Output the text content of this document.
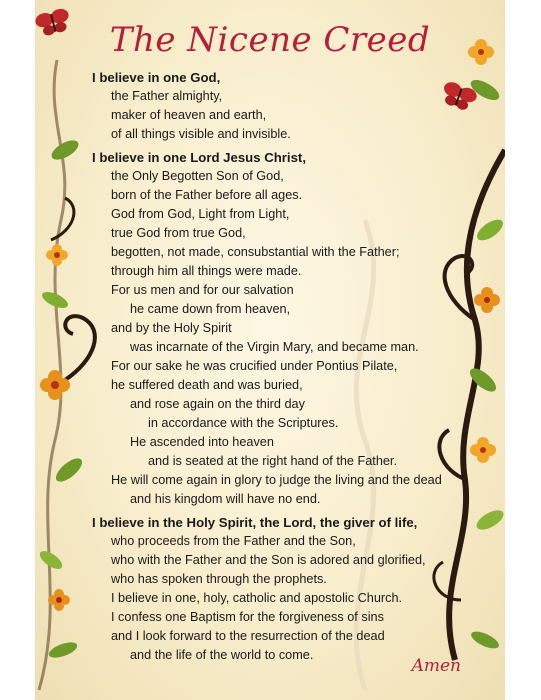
The Nicene Creed
I believe in one God,
the Father almighty,
maker of heaven and earth,
of all things visible and invisible.
I believe in one Lord Jesus Christ,
the Only Begotten Son of God,
born of the Father before all ages.
God from God, Light from Light,
true God from true God,
begotten, not made, consubstantial with the Father;
through him all things were made.
For us men and for our salvation
he came down from heaven,
and by the Holy Spirit
was incarnate of the Virgin Mary, and became man.
For our sake he was crucified under Pontius Pilate,
he suffered death and was buried,
and rose again on the third day
in accordance with the Scriptures.
He ascended into heaven
and is seated at the right hand of the Father.
He will come again in glory to judge the living and the dead
and his kingdom will have no end.
I believe in the Holy Spirit, the Lord, the giver of life,
who proceeds from the Father and the Son,
who with the Father and the Son is adored and glorified,
who has spoken through the prophets.
I believe in one, holy, catholic and apostolic Church.
I confess one Baptism for the forgiveness of sins
and I look forward to the resurrection of the dead
and the life of the world to come.
Amen
